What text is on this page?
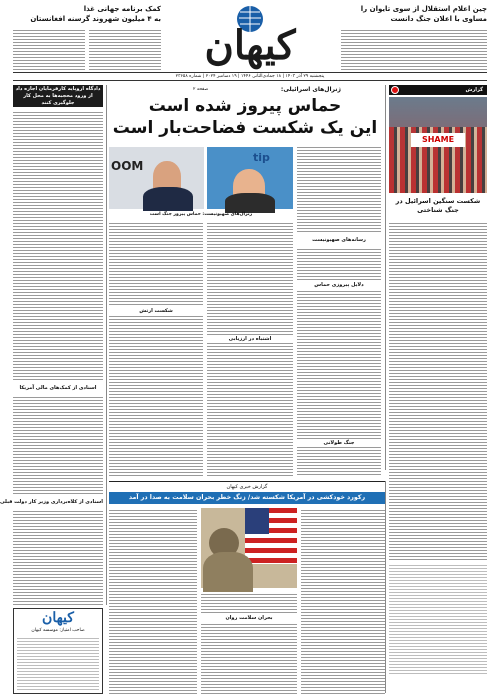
کیهان
چین اعلام استقلال از سوی تایوان را
مساوی با اعلان جنگ دانست
کمک برنامه جهانی غذا
به ۴ میلیون شهروند گرسنه افغانستان
پنجشنبه ۲۹ آذر ۱۴۰۳ | ۱۸ جمادی‌الثانی ۱۴۴۶ | ۱۹ دسامبر ۲۰۲۴ | شماره ۲۳۶۵۸
گزارش
SHAME
شکست سنگین اسرائیل در جنگ شناختی
ژنرال‌های اسرائیلی:
صفحه ۲
حماس پیروز شده است
این یک شکست فضاحت‌بار است
رسانه‌های صهیونیست
tip
OOM
ژنرال‌های صهیونیست: حماس پیروز جنگ است
دلایل پیروزی حماس
اشتباه در ارزیابی
شکست ارتش
جنگ طولانی
دادگاه اروپایه کارفرمایان اجازه داد از ورود محجبه‌ها به محل کار جلوگیری کنند
اسنادی از کمک‌های مالی آمریکا
اسنادی از کلاه‌برداری وزیر کار دولت قبلی
گزارش خبری کیهان
رکورد خودکشی در آمریکا شکسته شد/ زنگ خطر بحران سلامت به صدا در آمد
بحران سلامت روان
کیهان
صاحب امتیاز: موسسه کیهان
